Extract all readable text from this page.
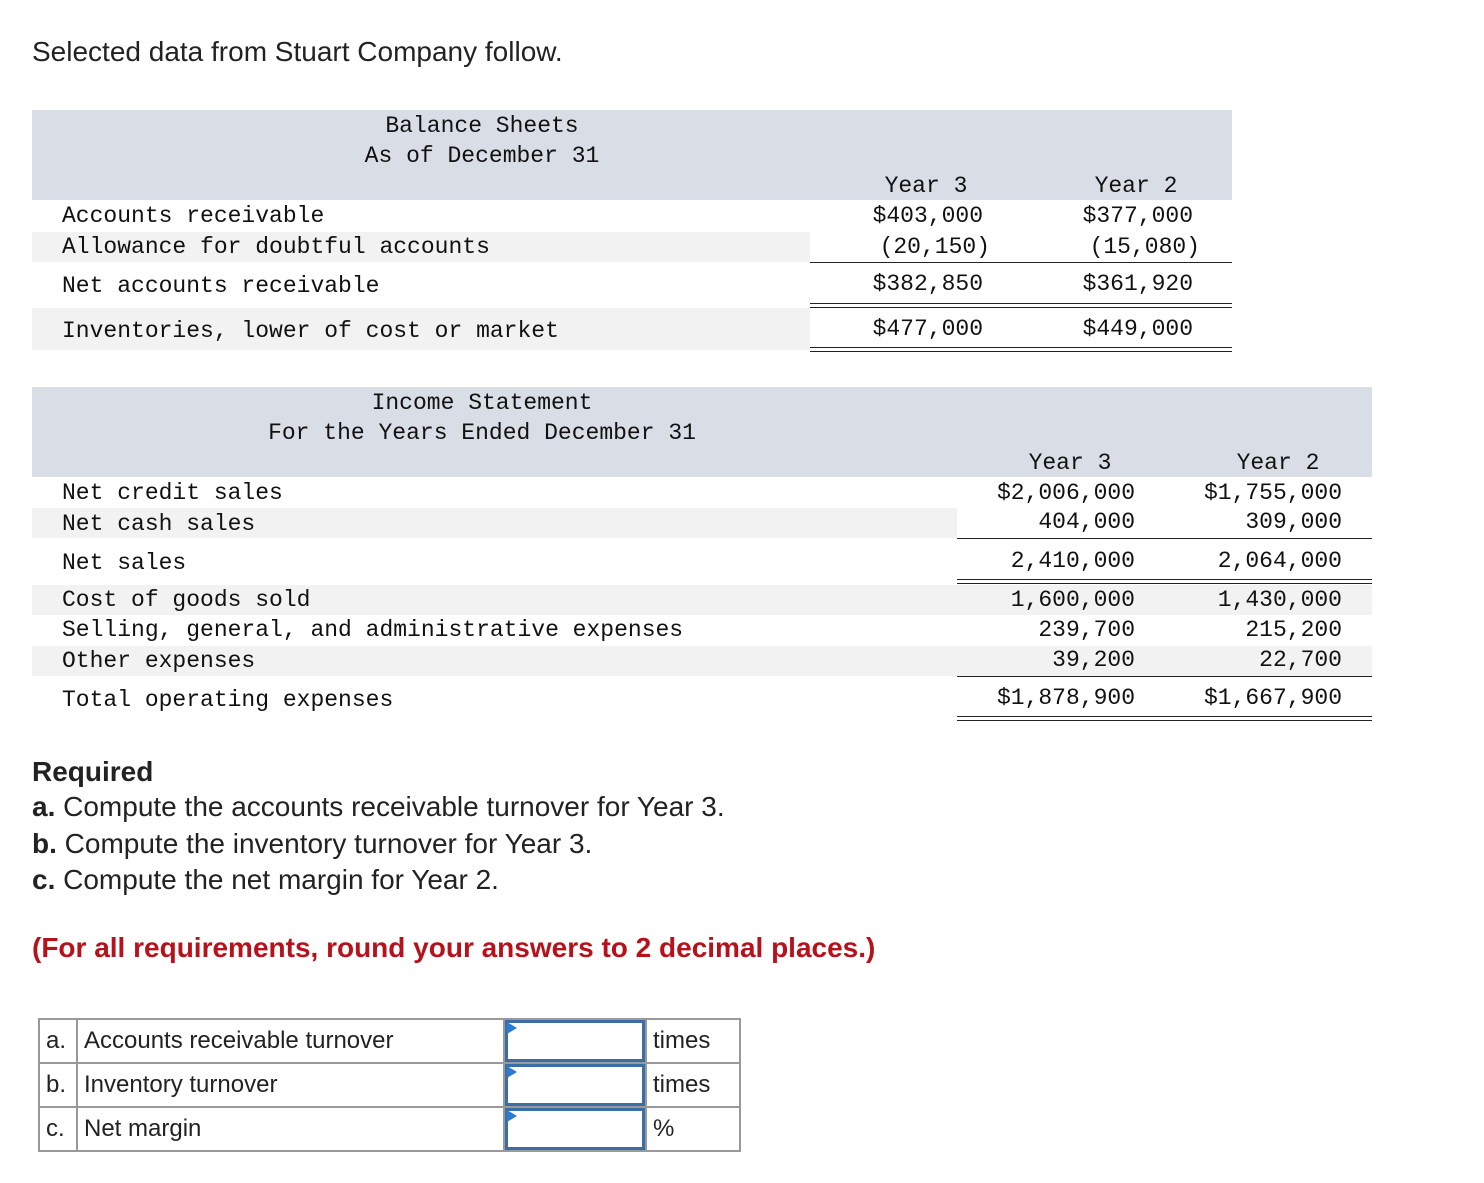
Selected data from Stuart Company follow.
Balance Sheets
As of December 31
Year 3	Year 2
Accounts receivable	$403,000	$377,000
Allowance for doubtful accounts	(20,150)	(15,080)
Net accounts receivable	$382,850	$361,920
Inventories, lower of cost or market	$477,000	$449,000
Income Statement
For the Years Ended December 31
Year 3	Year 2
Net credit sales	$2,006,000	$1,755,000
Net cash sales	404,000	309,000
Net sales	2,410,000	2,064,000
Cost of goods sold	1,600,000	1,430,000
Selling, general, and administrative expenses	239,700	215,200
Other expenses	39,200	22,700
Total operating expenses	$1,878,900	$1,667,900
Required
a. Compute the accounts receivable turnover for Year 3.
b. Compute the inventory turnover for Year 3.
c. Compute the net margin for Year 2.
(For all requirements, round your answers to 2 decimal places.)
a.	Accounts receivable turnover		times
b.	Inventory turnover		times
c.	Net margin		%
